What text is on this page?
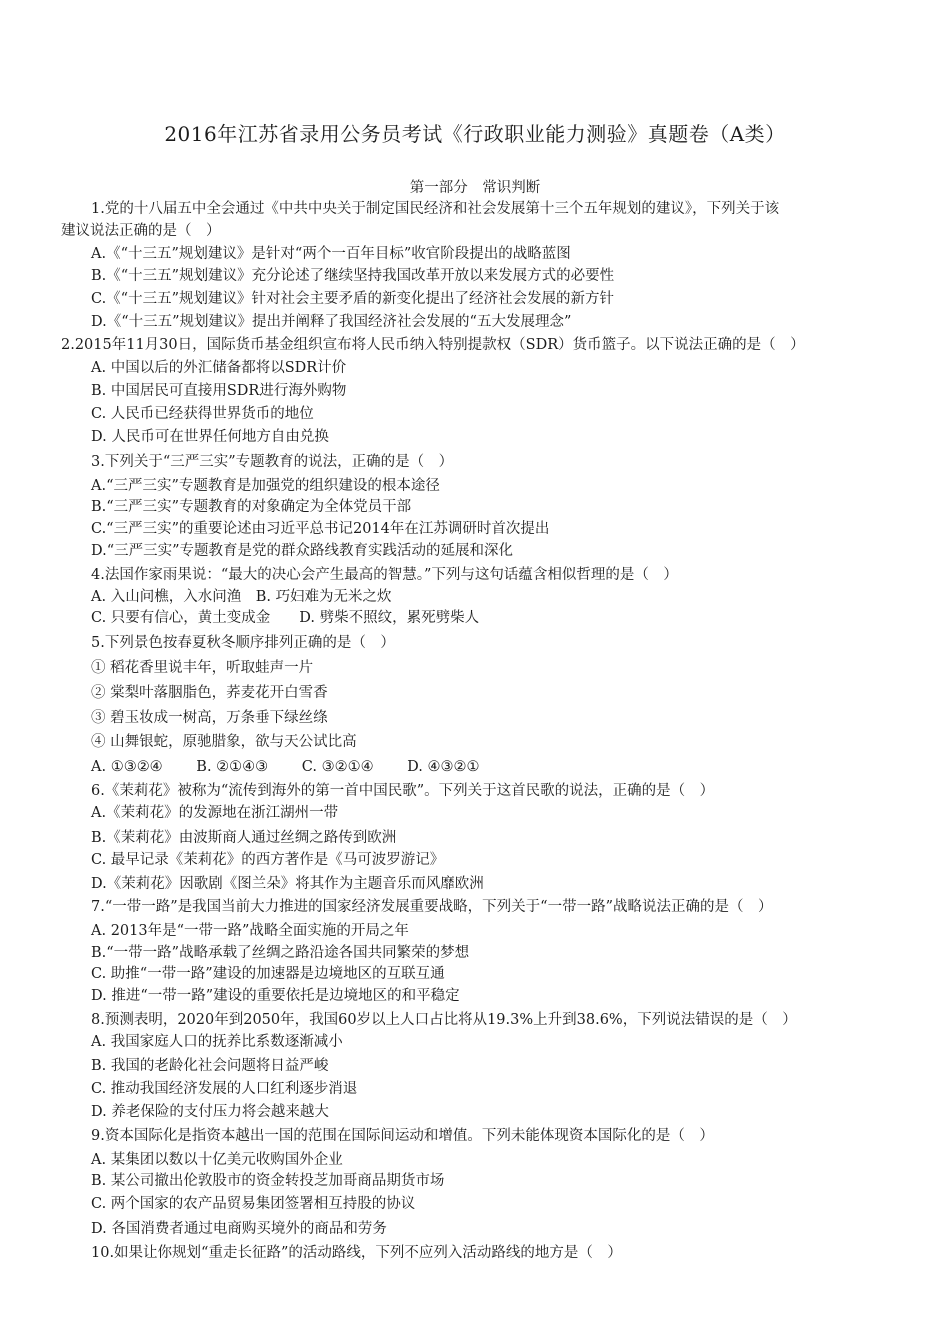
2016年江苏省录用公务员考试《行政职业能力测验》真题卷（A类）
第一部分　常识判断
1.党的十八届五中全会通过《中共中央关于制定国民经济和社会发展第十三个五年规划的建议》，下列关于该
建议说法正确的是（　）
A.《“十三五”规划建议》是针对“两个一百年目标”收官阶段提出的战略蓝图
B.《“十三五”规划建议》充分论述了继续坚持我国改革开放以来发展方式的必要性
C.《“十三五”规划建议》针对社会主要矛盾的新变化提出了经济社会发展的新方针
D.《“十三五”规划建议》提出并阐释了我国经济社会发展的“五大发展理念”
2.2015年11月30日，国际货币基金组织宣布将人民币纳入特别提款权（SDR）货币篮子。以下说法正确的是（　）
A. 中国以后的外汇储备都将以SDR计价
B. 中国居民可直接用SDR进行海外购物
C. 人民币已经获得世界货币的地位
D. 人民币可在世界任何地方自由兑换
3.下列关于“三严三实”专题教育的说法，正确的是（　）
A.“三严三实”专题教育是加强党的组织建设的根本途径
B.“三严三实”专题教育的对象确定为全体党员干部
C.“三严三实”的重要论述由习近平总书记2014年在江苏调研时首次提出
D.“三严三实”专题教育是党的群众路线教育实践活动的延展和深化
4.法国作家雨果说：“最大的决心会产生最高的智慧。”下列与这句话蕴含相似哲理的是（　）
A. 入山问樵，入水问渔　B. 巧妇难为无米之炊
C. 只要有信心，黄土变成金　　D. 劈柴不照纹，累死劈柴人
5.下列景色按春夏秋冬顺序排列正确的是（　）
① 稻花香里说丰年，听取蛙声一片
② 棠梨叶落胭脂色，荞麦花开白雪香
③ 碧玉妆成一树高，万条垂下绿丝绦
④ 山舞银蛇，原驰腊象，欲与天公试比高
A. ①③②④　　 B. ②①④③　　 C. ③②①④　　 D. ④③②①
6.《茉莉花》被称为“流传到海外的第一首中国民歌”。下列关于这首民歌的说法，正确的是（　）
A.《茉莉花》的发源地在浙江湖州一带
B.《茉莉花》由波斯商人通过丝绸之路传到欧洲
C. 最早记录《茉莉花》的西方著作是《马可波罗游记》
D.《茉莉花》因歌剧《图兰朵》将其作为主题音乐而风靡欧洲
7.“一带一路”是我国当前大力推进的国家经济发展重要战略，下列关于“一带一路”战略说法正确的是（　）
A. 2013年是“一带一路”战略全面实施的开局之年
B.“一带一路”战略承载了丝绸之路沿途各国共同繁荣的梦想
C. 助推“一带一路”建设的加速器是边境地区的互联互通
D. 推进“一带一路”建设的重要依托是边境地区的和平稳定
8.预测表明，2020年到2050年，我国60岁以上人口占比将从19.3%上升到38.6%，下列说法错误的是（　）
A. 我国家庭人口的抚养比系数逐渐减小
B. 我国的老龄化社会问题将日益严峻
C. 推动我国经济发展的人口红利逐步消退
D. 养老保险的支付压力将会越来越大
9.资本国际化是指资本越出一国的范围在国际间运动和增值。下列未能体现资本国际化的是（　）
A. 某集团以数以十亿美元收购国外企业
B. 某公司撤出伦敦股市的资金转投芝加哥商品期货市场
C. 两个国家的农产品贸易集团签署相互持股的协议
D. 各国消费者通过电商购买境外的商品和劳务
10.如果让你规划“重走长征路”的活动路线，下列不应列入活动路线的地方是（　）
